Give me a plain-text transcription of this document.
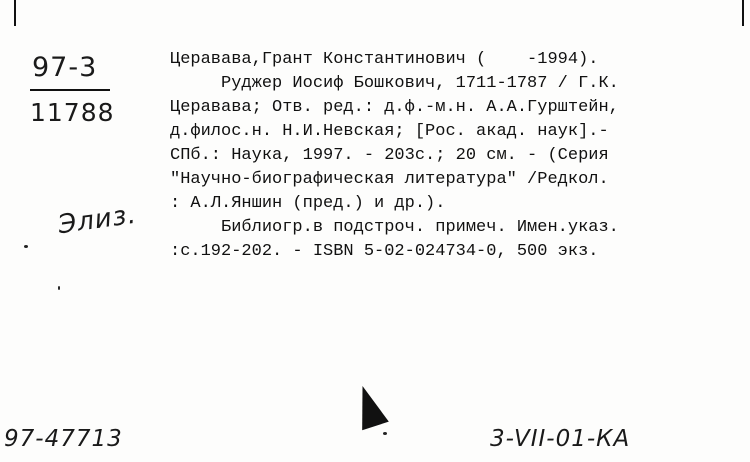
97-3
11788
Элиз.
Церавава,Грант Константинович (    -1994).
Руджер Иосиф Бошкович, 1711-1787 / Г.К.
Церавава; Отв. ред.: д.ф.-м.н. А.А.Гурштейн,
д.филос.н. Н.И.Невская; [Рос. акад. наук].-
СПб.: Наука, 1997. - 203с.; 20 см. - (Серия
"Научно-биографическая литература" /Редкол.
: А.Л.Яншин (пред.) и др.).
Библиогр.в подстроч. примеч. Имен.указ.
:с.192-202. - ISBN 5-02-024734-0, 500 экз.
97-47713	3-VII-01-КА
